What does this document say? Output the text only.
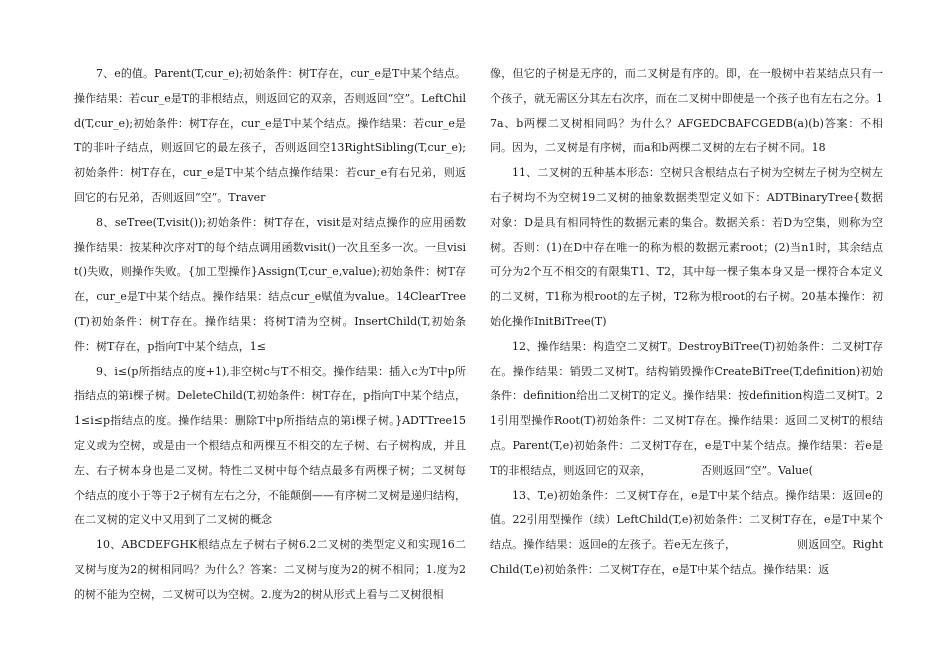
7、e的值。Parent(T,cur_e);初始条件：树T存在，cur_e是T中某个结点。操作结果：若cur_e是T的非根结点，则返回它的双亲，否则返回“空”。LeftChild(T,cur_e);初始条件：树T存在，cur_e是T中某个结点。操作结果：若cur_e是T的非叶子结点，则返回它的最左孩子，否则返回空13RightSibling(T,cur_e);初始条件：树T存在，cur_e是T中某个结点操作结果：若cur_e有右兄弟，则返回它的右兄弟，否则返回“空”。Traver

8、seTree(T,visit());初始条件：树T存在，visit是对结点操作的应用函数操作结果：按某种次序对T的每个结点调用函数visit()一次且至多一次。一旦visit()失败，则操作失败。{加工型操作}Assign(T,cur_e,value);初始条件：树T存在，cur_e是T中某个结点。操作结果：结点cur_e赋值为value。14ClearTree(T)初始条件：树T存在。操作结果：将树T清为空树。InsertChild(T,初始条件：树T存在，p指向T中某个结点，1≤

9、i≤(p所指结点的度+1),非空树c与T不相交。操作结果：插入c为T中p所指结点的第i棵子树。DeleteChild(T,初始条件：树T存在，p指向T中某个结点，1≤i≤p指结点的度。操作结果：删除T中p所指结点的第i棵子树。}ADTTree15定义或为空树，或是由一个根结点和两棵互不相交的左子树、右子树构成，并且左、右子树本身也是二叉树。特性二叉树中每个结点最多有两棵子树；二叉树每个结点的度小于等于2子树有左右之分，不能颠倒——有序树二叉树是递归结构，在二叉树的定义中又用到了二叉树的概念

10、ABCDEFGHK根结点左子树右子树6.2二叉树的类型定义和实现16二叉树与度为2的树相同吗？为什么？答案：二叉树与度为2的树不相同；1.度为2的树不能为空树，二叉树可以为空树。2.度为2的树从形式上看与二叉树很相

像，但它的子树是无序的，而二叉树是有序的。即，在一般树中若某结点只有一个孩子，就无需区分其左右次序，而在二叉树中即使是一个孩子也有左右之分。17a、b两棵二叉树相同吗？为什么？AFGEDCBAFCGEDB(a)(b)答案：不相同。因为，二叉树是有序树，而a和b两棵二叉树的左右子树不同。18

11、二叉树的五种基本形态：空树只含根结点右子树为空树左子树为空树左右子树均不为空树19二叉树的抽象数据类型定义如下：ADTBinaryTree{数据对象：D是具有相同特性的数据元素的集合。数据关系：若D为空集，则称为空树。否则：(1)在D中存在唯一的称为根的数据元素root；(2)当n1时，其余结点可分为2个互不相交的有限集T1、T2，其中每一棵子集本身又是一棵符合本定义的二叉树，T1称为根root的左子树，T2称为根root的右子树。20基本操作：初始化操作InitBiTree(T)

12、操作结果：构造空二叉树T。DestroyBiTree(T)初始条件：二叉树T存在。操作结果：销毁二叉树T。结构销毁操作CreateBiTree(T,definition)初始条件：definition给出二叉树T的定义。操作结果：按definition构造二叉树T。21引用型操作Root(T)初始条件：二叉树T存在。操作结果：返回二叉树T的根结点。Parent(T,e)初始条件：二叉树T存在，e是T中某个结点。操作结果：若e是T的非根结点，则返回它的双亲，　　　　　否则返回“空”。Value(

13、T,e)初始条件：二叉树T存在，e是T中某个结点。操作结果：返回e的值。22引用型操作（续）LeftChild(T,e)初始条件：二叉树T存在，e是T中某个结点。操作结果：返回e的左孩子。若e无左孩子，　　　　　　则返回空。RightChild(T,e)初始条件：二叉树T存在，e是T中某个结点。操作结果：返
